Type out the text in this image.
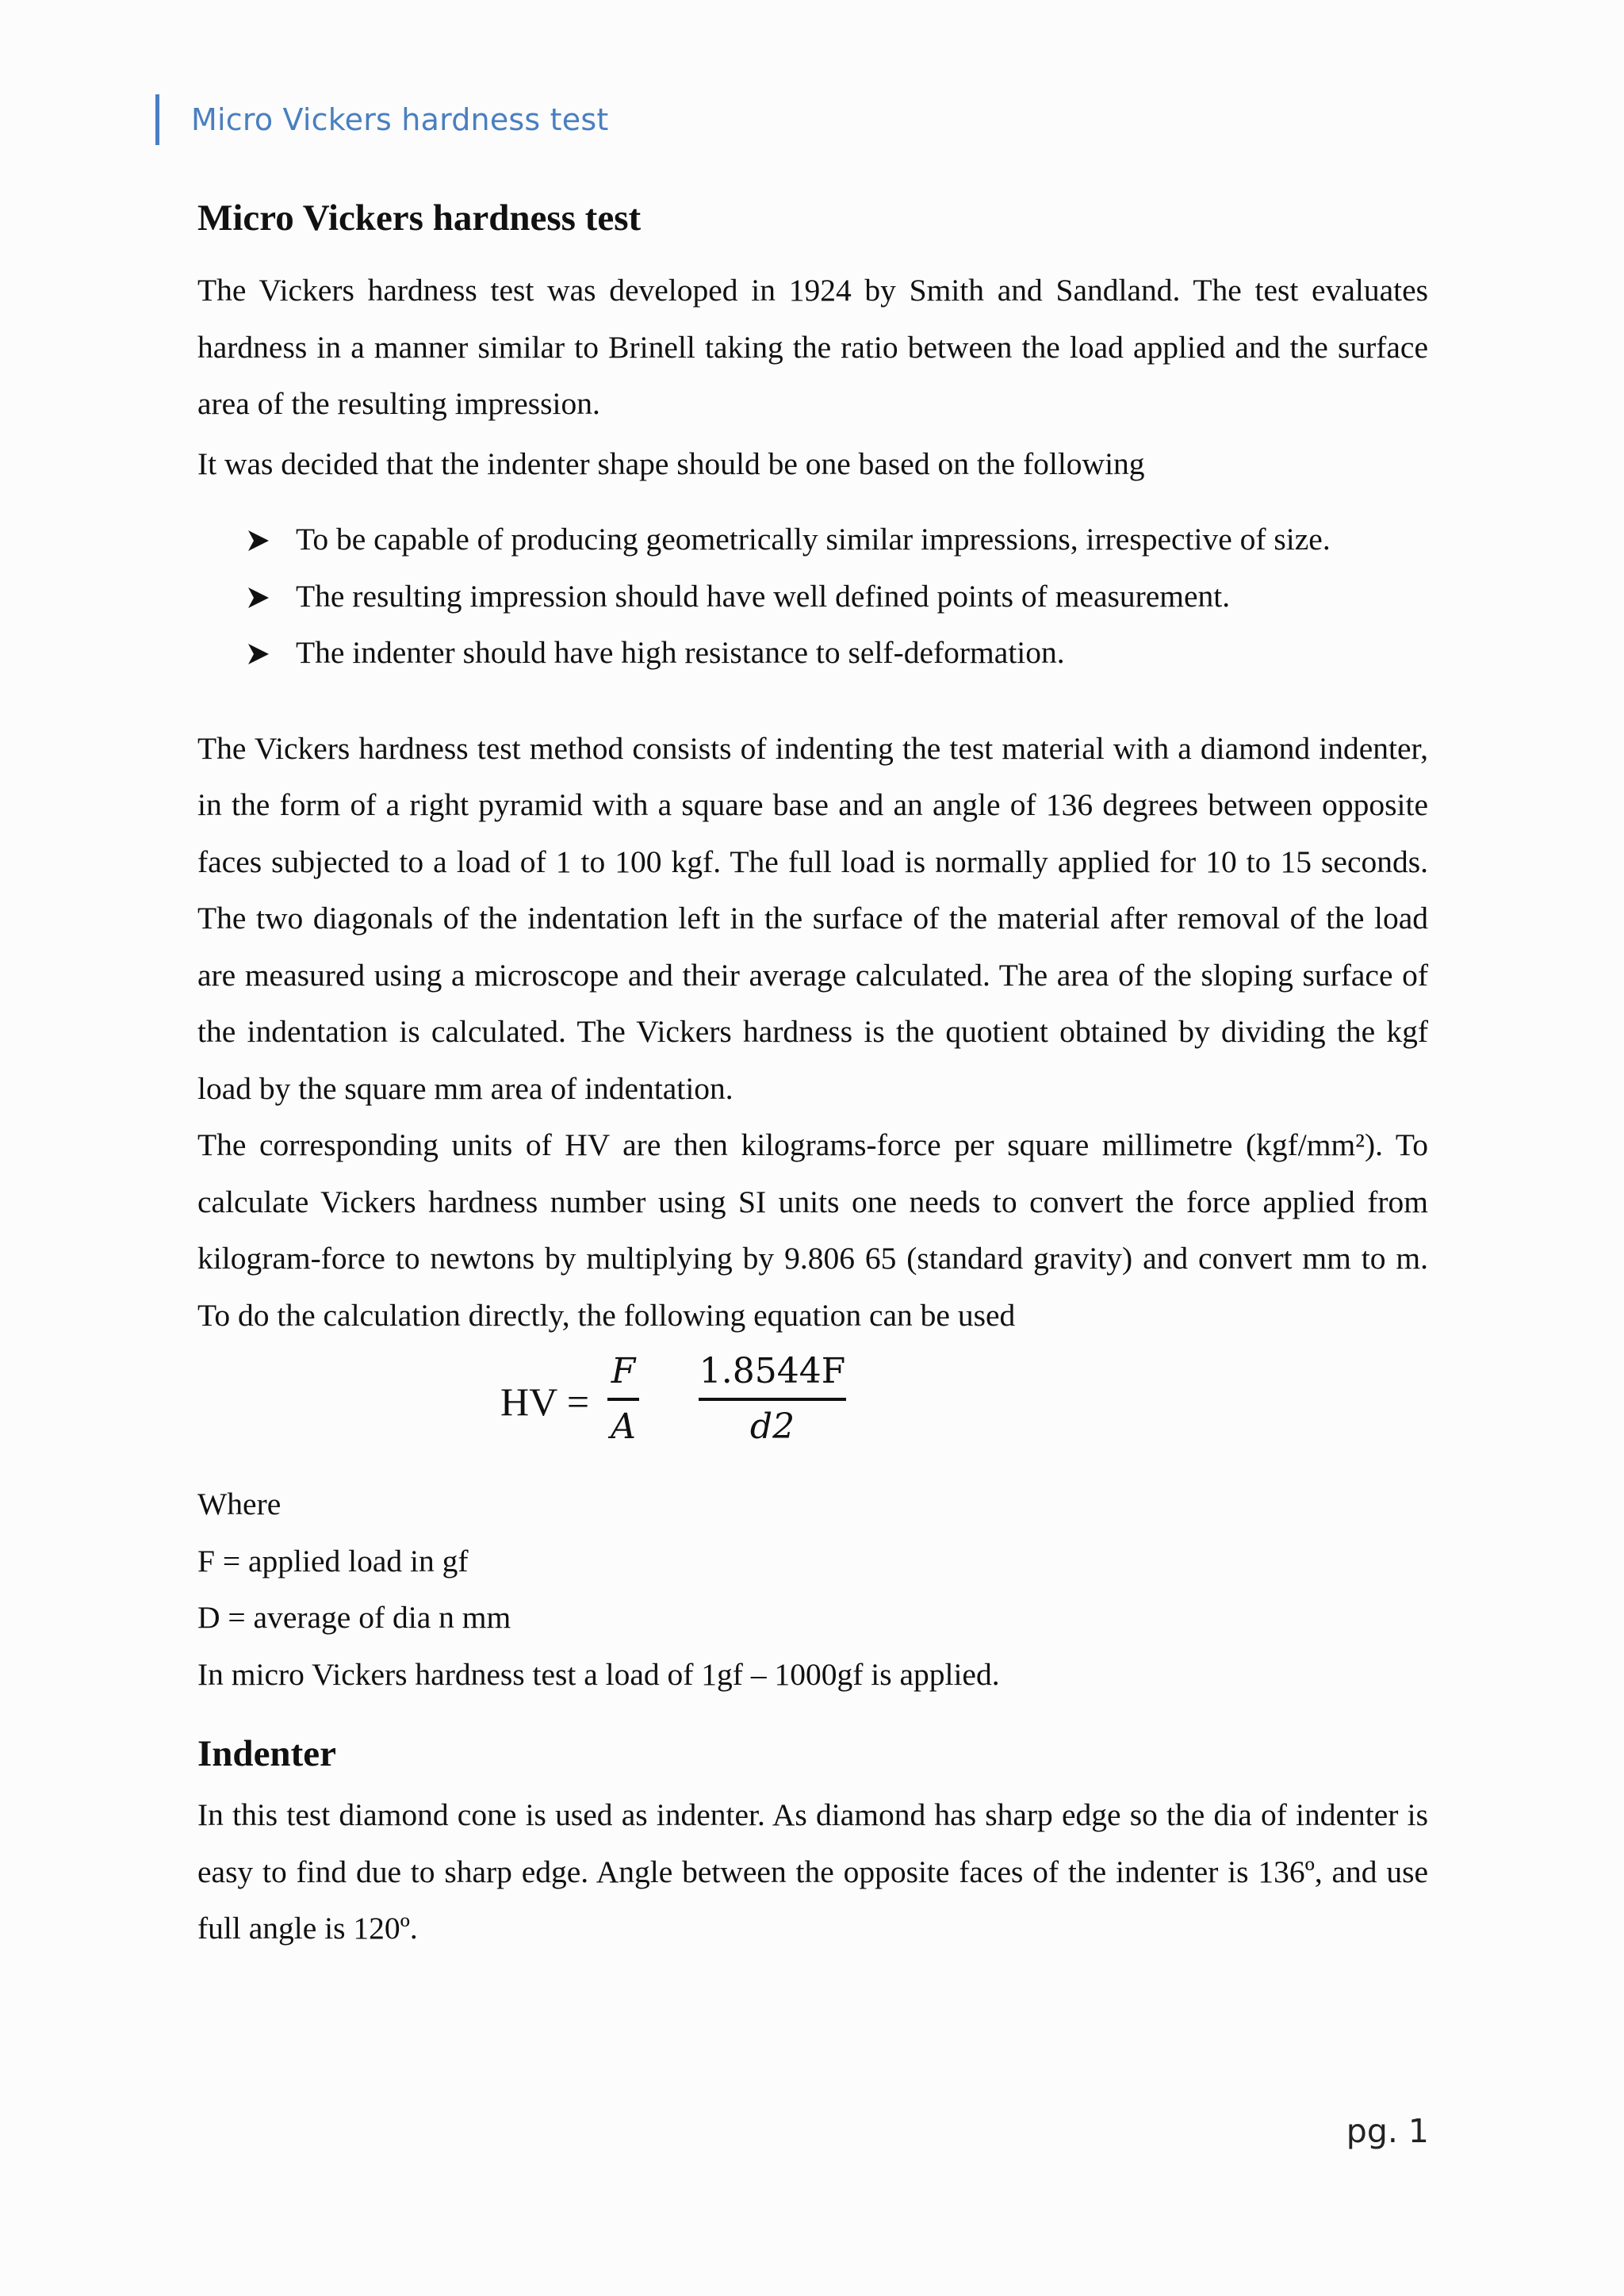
Micro Vickers hardness test
Micro Vickers hardness test

The Vickers hardness test was developed in 1924 by Smith and Sandland. The test evaluates hardness in a manner similar to Brinell taking the ratio between the load applied and the surface area of the resulting impression.

It was decided that the indenter shape should be one based on the following

To be capable of producing geometrically similar impressions, irrespective of size.
The resulting impression should have well defined points of measurement.
The indenter should have high resistance to self-deformation.

The Vickers hardness test method consists of indenting the test material with a diamond indenter, in the form of a right pyramid with a square base and an angle of 136 degrees between opposite faces subjected to a load of 1 to 100 kgf. The full load is normally applied for 10 to 15 seconds. The two diagonals of the indentation left in the surface of the material after removal of the load are measured using a microscope and their average calculated. The area of the sloping surface of the indentation is calculated. The Vickers hardness is the quotient obtained by dividing the kgf load by the square mm area of indentation.

The corresponding units of HV are then kilograms-force per square millimetre (kgf/mm²). To calculate Vickers hardness number using SI units one needs to convert the force applied from kilogram-force to newtons by multiplying by 9.806 65 (standard gravity) and convert mm to m. To do the calculation directly, the following equation can be used

HV =
F
A
1.8544F
d2

Where

F = applied load in gf

D = average of dia n mm

In micro Vickers hardness test a load of 1gf – 1000gf is applied.

Indenter

In this test diamond cone is used as indenter. As diamond has sharp edge so the dia of indenter is easy to find due to sharp edge. Angle between the opposite faces of the indenter is 136º, and use full angle is 120º.

pg. 1
